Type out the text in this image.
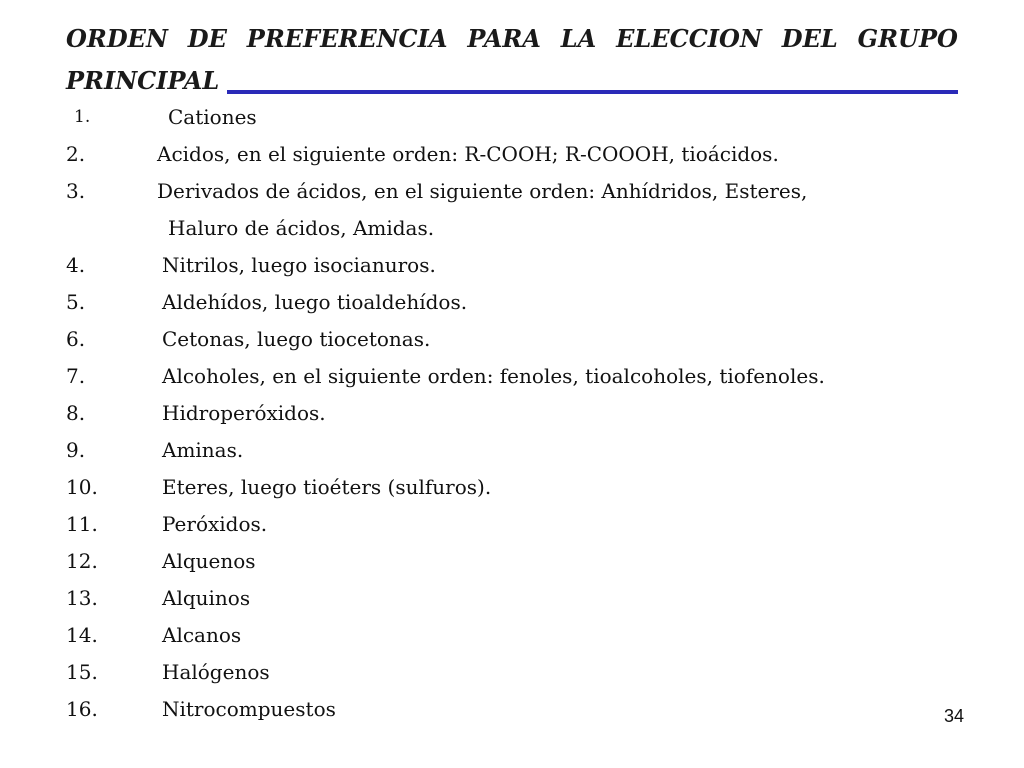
ORDEN DE PREFERENCIA PARA LA ELECCION DEL GRUPO
PRINCIPAL
1.	Cationes
2.	Acidos, en el siguiente orden: R-COOH; R-COOOH, tioácidos.
3.	Derivados de ácidos, en el siguiente orden: Anhídridos, Esteres,
Haluro de ácidos, Amidas.
4.	Nitrilos, luego isocianuros.
5.	Aldehídos, luego tioaldehídos.
6.	Cetonas, luego tiocetonas.
7.	Alcoholes, en el siguiente orden: fenoles, tioalcoholes, tiofenoles.
8.	Hidroperóxidos.
9.	Aminas.
10.	Eteres, luego tioéters (sulfuros).
11.	Peróxidos.
12.	Alquenos
13.	Alquinos
14.	Alcanos
15.	Halógenos
16.	Nitrocompuestos	34
